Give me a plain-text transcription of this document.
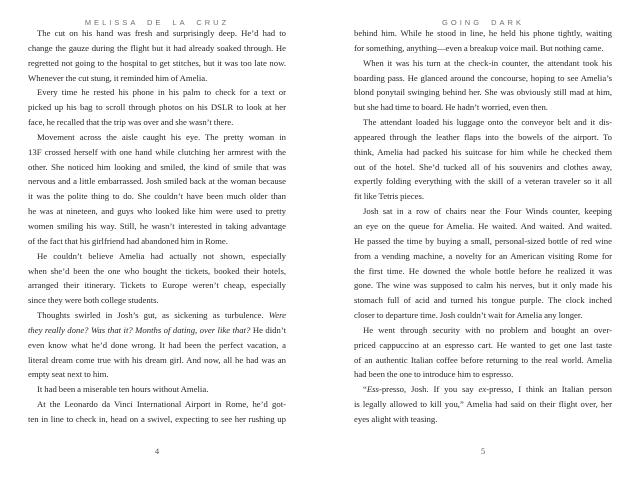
MELISSA DE LA CRUZ
The cut on his hand was fresh and surprisingly deep. He’d had to
change the gauze during the flight but it had already soaked through. He
regretted not going to the hospital to get stitches, but it was too late now.
Whenever the cut stung, it reminded him of Amelia.
Every time he rested his phone in his palm to check for a text or
picked up his bag to scroll through photos on his DSLR to look at her
face, he recalled that the trip was over and she wasn’t there.
Movement across the aisle caught his eye. The pretty woman in
13F crossed herself with one hand while clutching her armrest with the
other. She noticed him looking and smiled, the kind of smile that was
nervous and a little embarrassed. Josh smiled back at the woman because
it was the polite thing to do. She couldn’t have been much older than
he was at nineteen, and guys who looked like him were used to pretty
women smiling his way. Still, he wasn’t interested in taking advantage
of the fact that his girlfriend had abandoned him in Rome.
He couldn’t believe Amelia had actually not shown, especially
when she’d been the one who bought the tickets, booked their hotels,
arranged their itinerary. Tickets to Europe weren’t cheap, especially
since they were both college students.
Thoughts swirled in Josh’s gut, as sickening as turbulence. Were
they really done? Was that it? Months of dating, over like that? He didn’t
even know what he’d done wrong. It had been the perfect vacation, a
literal dream come true with his dream girl. And now, all he had was an
empty seat next to him.
It had been a miserable ten hours without Amelia.
At the Leonardo da Vinci International Airport in Rome, he’d got-
ten in line to check in, head on a swivel, expecting to see her rushing up
4
GOING DARK
behind him. While he stood in line, he held his phone tightly, waiting
for something, anything—even a breakup voice mail. But nothing came.
When it was his turn at the check-in counter, the attendant took his
boarding pass. He glanced around the concourse, hoping to see Amelia’s
blond ponytail swinging behind her. She was obviously still mad at him,
but she had time to board. He hadn’t worried, even then.
The attendant loaded his luggage onto the conveyor belt and it dis-
appeared through the leather flaps into the bowels of the airport. To
think, Amelia had packed his suitcase for him while he checked them
out of the hotel. She’d tucked all of his souvenirs and clothes away,
expertly folding everything with the skill of a veteran traveler so it all
fit like Tetris pieces.
Josh sat in a row of chairs near the Four Winds counter, keeping
an eye on the queue for Amelia. He waited. And waited. And waited.
He passed the time by buying a small, personal-sized bottle of red wine
from a vending machine, a novelty for an American visiting Rome for
the first time. He downed the whole bottle before he realized it was
gone. The wine was supposed to calm his nerves, but it only made his
stomach full of acid and turned his tongue purple. The clock inched
closer to departure time. Josh couldn’t wait for Amelia any longer.
He went through security with no problem and bought an over-
priced cappuccino at an espresso cart. He wanted to get one last taste
of an authentic Italian coffee before returning to the real world. Amelia
had been the one to introduce him to espresso.
“Ess-presso, Josh. If you say ex-presso, I think an Italian person
is legally allowed to kill you,” Amelia had said on their flight over, her
eyes alight with teasing.
5
